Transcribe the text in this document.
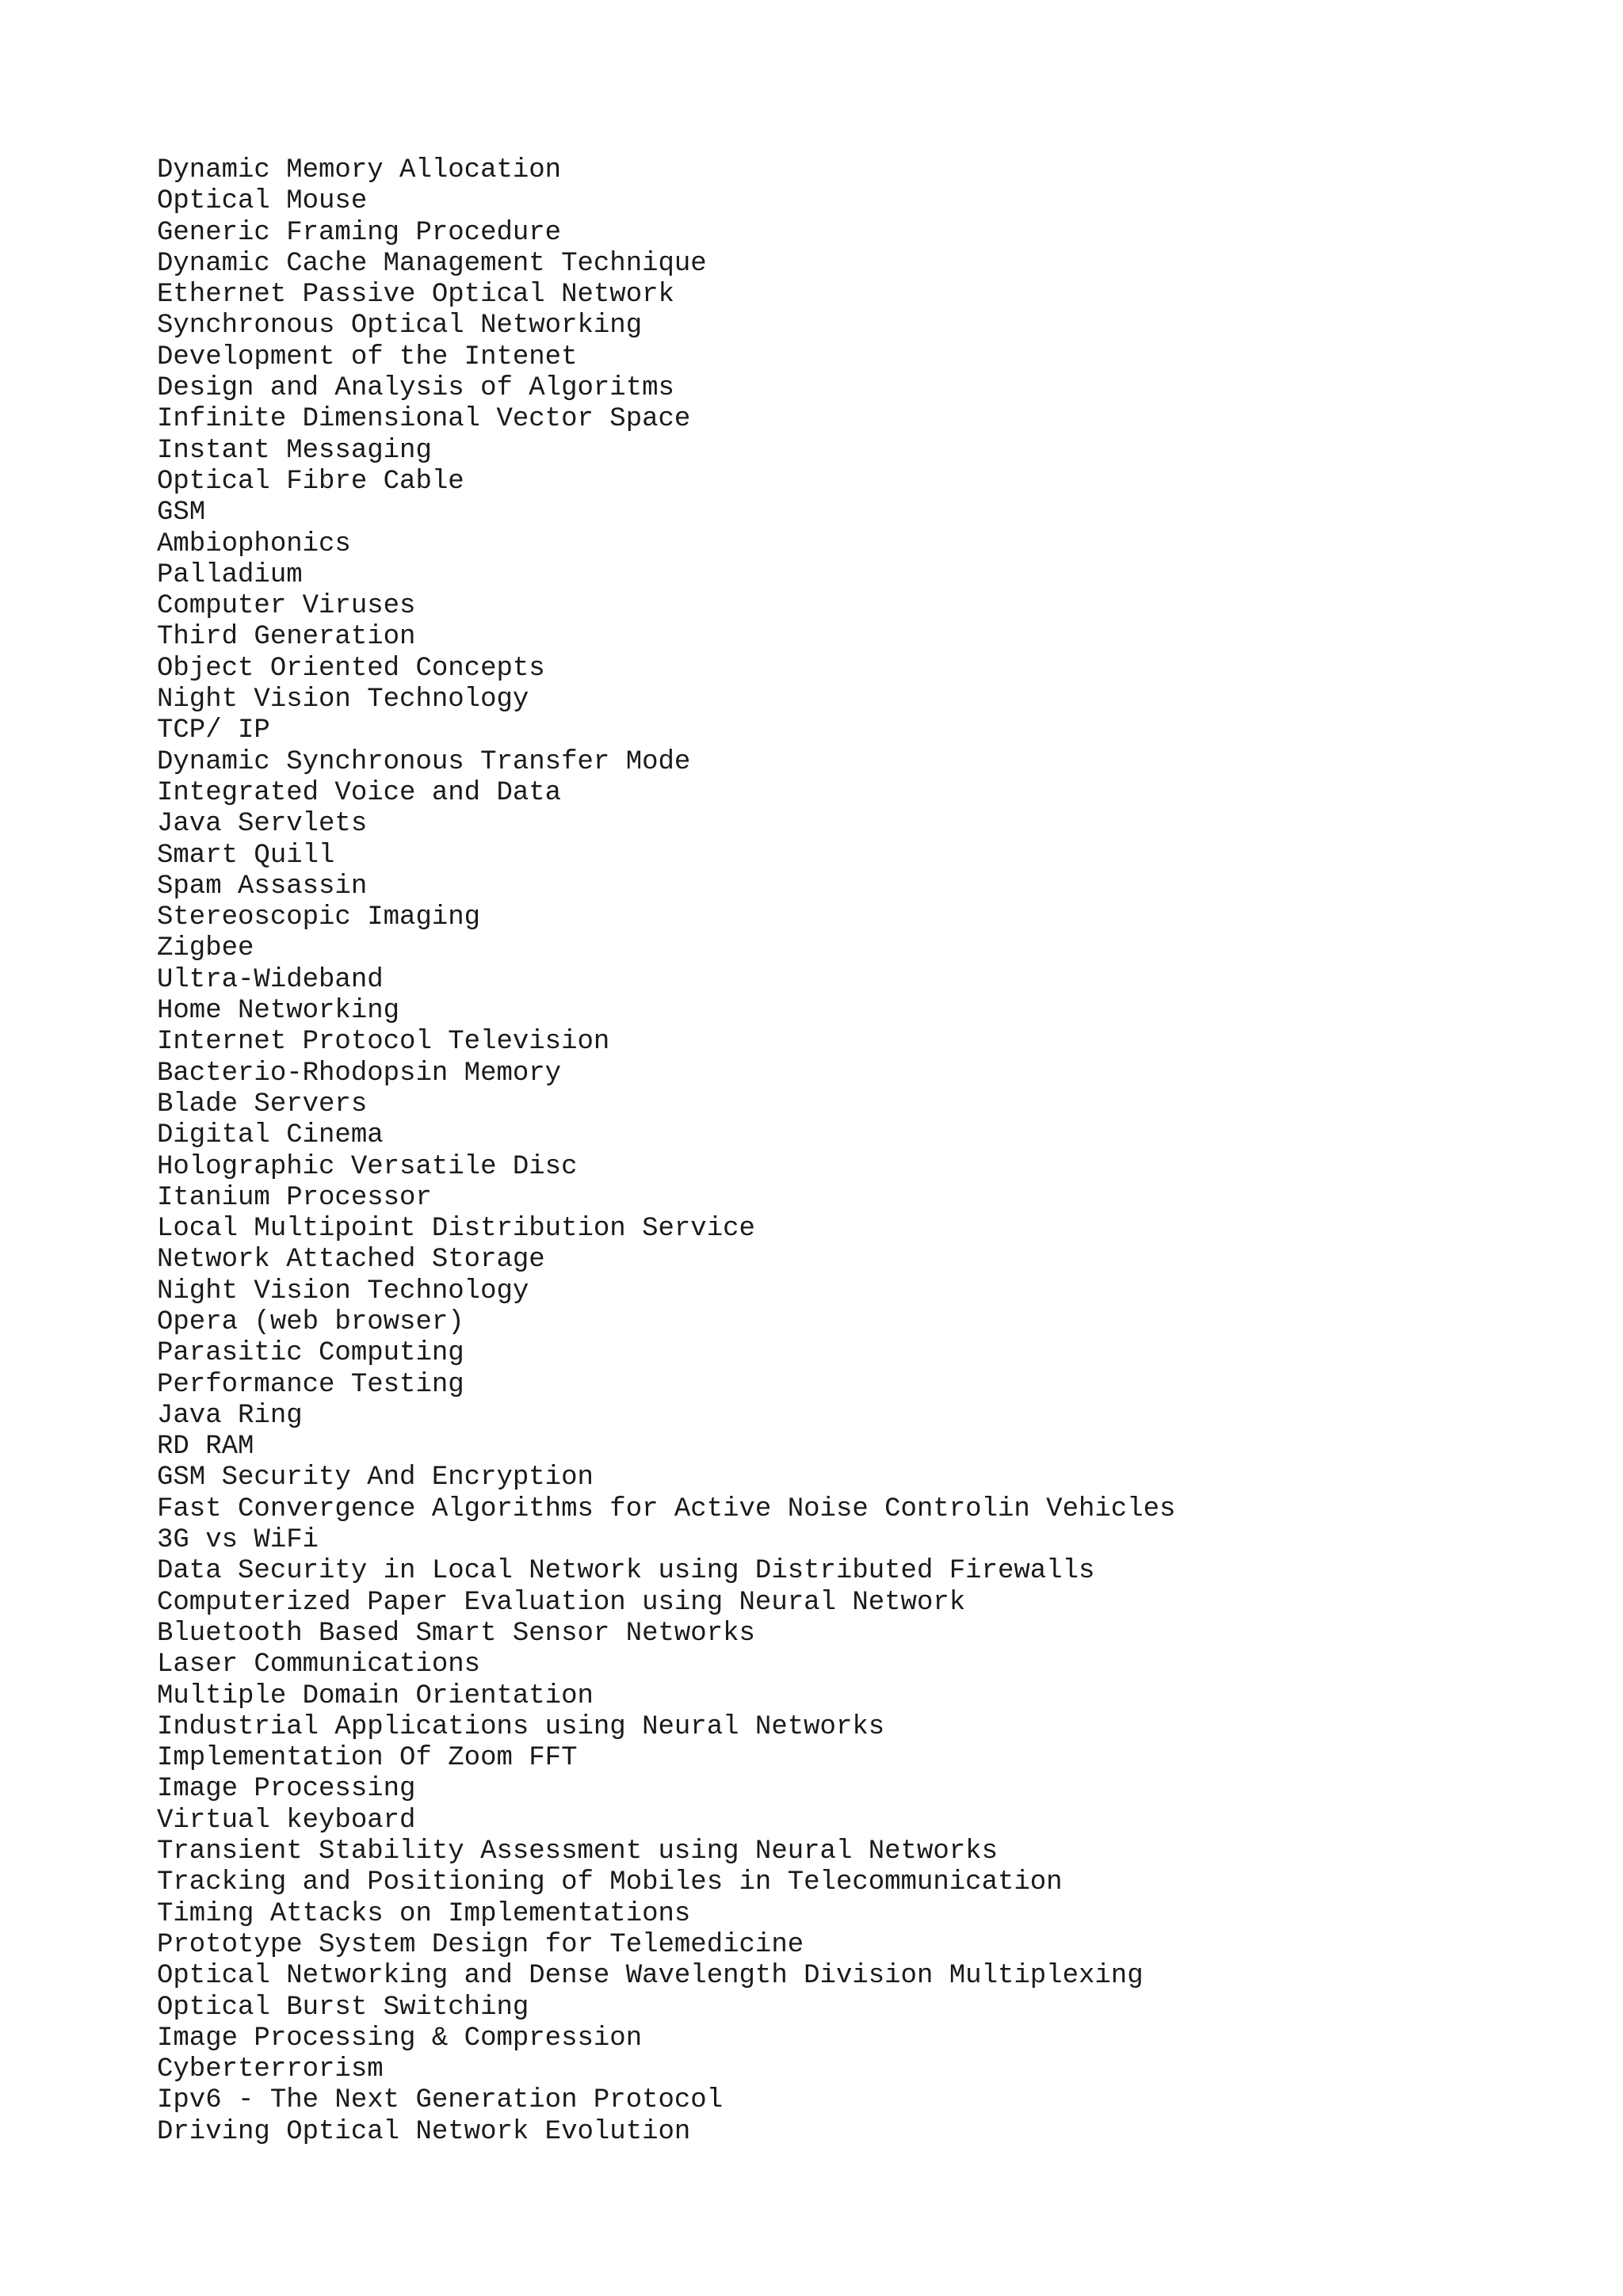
Dynamic Memory Allocation
Optical Mouse
Generic Framing Procedure
Dynamic Cache Management Technique
Ethernet Passive Optical Network
Synchronous Optical Networking
Development of the Intenet
Design and Analysis of Algoritms
Infinite Dimensional Vector Space
Instant Messaging
Optical Fibre Cable
GSM
Ambiophonics
Palladium
Computer Viruses
Third Generation
Object Oriented Concepts
Night Vision Technology
TCP/ IP
Dynamic Synchronous Transfer Mode
Integrated Voice and Data
Java Servlets
Smart Quill
Spam Assassin
Stereoscopic Imaging
Zigbee
Ultra-Wideband
Home Networking
Internet Protocol Television
Bacterio-Rhodopsin Memory
Blade Servers
Digital Cinema
Holographic Versatile Disc
Itanium Processor
Local Multipoint Distribution Service
Network Attached Storage
Night Vision Technology
Opera (web browser)
Parasitic Computing
Performance Testing
Java Ring
RD RAM
GSM Security And Encryption
Fast Convergence Algorithms for Active Noise Controlin Vehicles
3G vs WiFi
Data Security in Local Network using Distributed Firewalls
Computerized Paper Evaluation using Neural Network
Bluetooth Based Smart Sensor Networks
Laser Communications
Multiple Domain Orientation
Industrial Applications using Neural Networks
Implementation Of Zoom FFT
Image Processing
Virtual keyboard
Transient Stability Assessment using Neural Networks
Tracking and Positioning of Mobiles in Telecommunication
Timing Attacks on Implementations
Prototype System Design for Telemedicine
Optical Networking and Dense Wavelength Division Multiplexing
Optical Burst Switching
Image Processing & Compression
Cyberterrorism
Ipv6 - The Next Generation Protocol
Driving Optical Network Evolution
